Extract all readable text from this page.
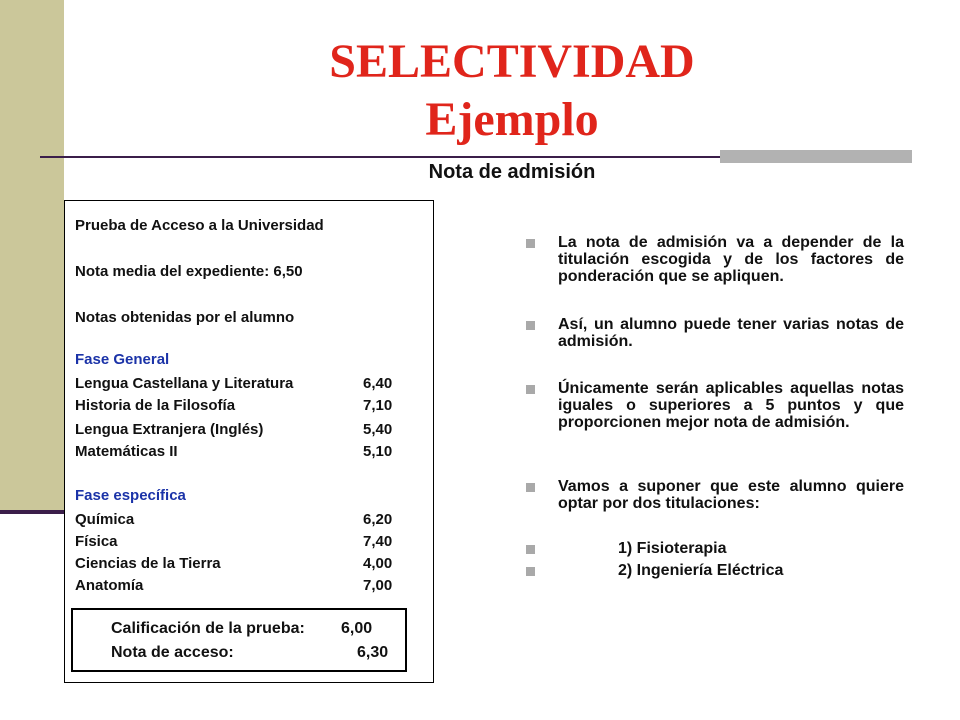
SELECTIVIDAD
Ejemplo
Nota de admisión

Prueba de Acceso a la Universidad

Nota media del expediente: 6,50

Notas obtenidas por el alumno

Fase General

Lengua Castellana y Literatura	6,40
Historia de la Filosofía	7,10
Lengua Extranjera (Inglés)	5,40
Matemáticas II	5,10

Fase específica

Química	6,20
Física	7,40
Ciencias de la Tierra	4,00
Anatomía	7,00
Calificación de la prueba: 6,00
Nota de acceso:	6,30
La nota de admisión va a depender de la titulación escogida y de los factores de ponderación que se apliquen.
Así, un alumno puede tener varias notas de admisión.
Únicamente serán aplicables aquellas notas iguales o superiores a 5 puntos y que proporcionen mejor nota de admisión.
Vamos a suponer que este alumno quiere optar por dos titulaciones:
1) Fisioterapia
2) Ingeniería Eléctrica
